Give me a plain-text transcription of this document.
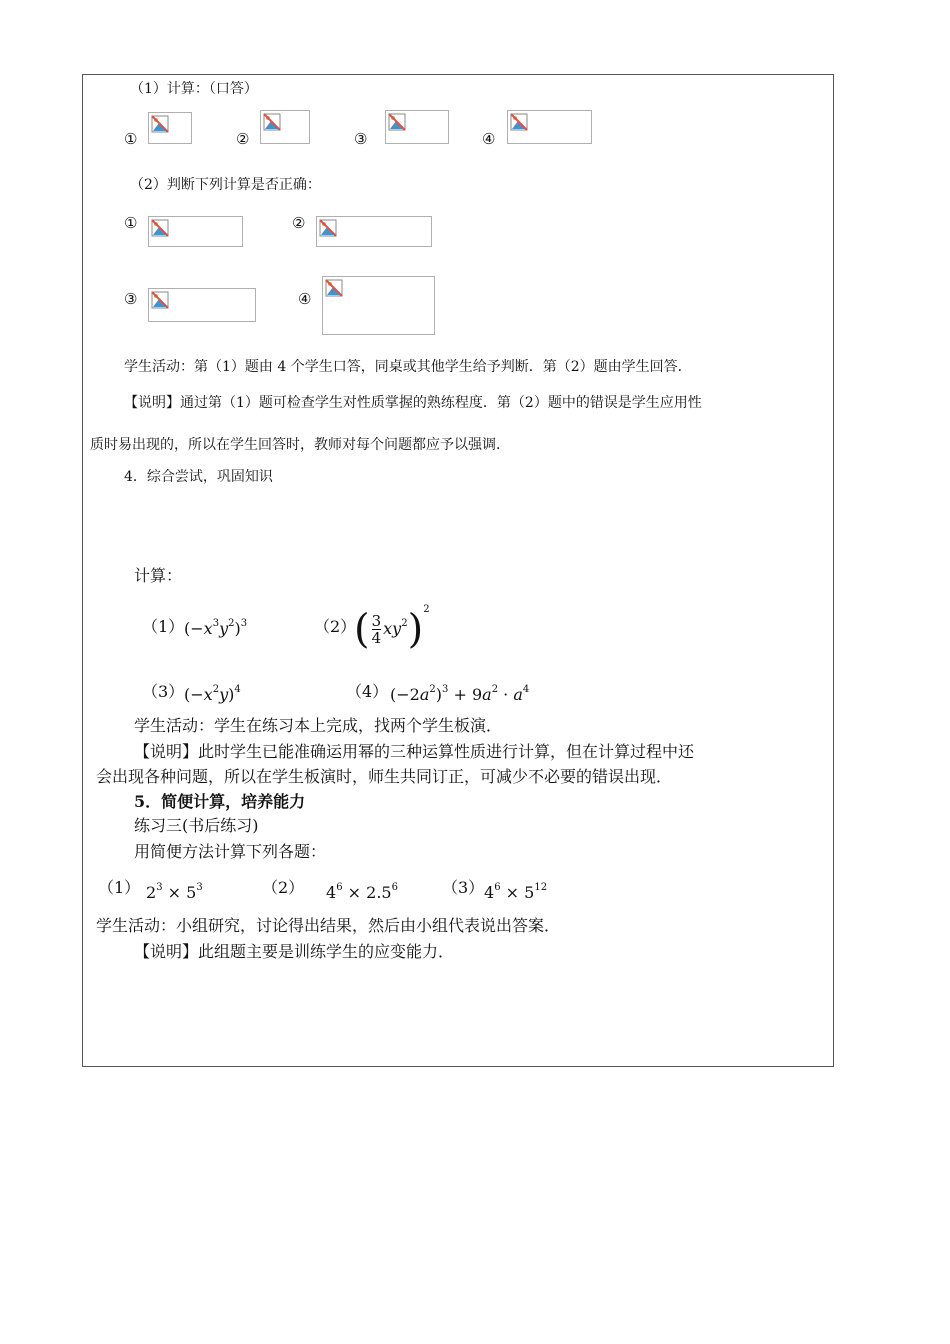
（1）计算：（口答）
①	②	③	④
（2）判断下列计算是否正确：
①	②
③	④
学生活动：第（1）题由 4 个学生口答，同桌或其他学生给予判断．第（2）题由学生回答．
【说明】通过第（1）题可检查学生对性质掌握的熟练程度．第（2）题中的错误是学生应用性
质时易出现的，所以在学生回答时，教师对每个问题都应予以强调．
4．综合尝试，巩固知识
计算：
（1） $(-x^3y^2)^3$	（2）
( $\frac{3}{4} xy^2)^2$
（3） $(-x^2y)^4$	（4） $(-2a^2)^3 + 9a^2 \cdot a^4$
学生活动：学生在练习本上完成，找两个学生板演．
【说明】此时学生已能准确运用幂的三种运算性质进行计算，但在计算过程中还
会出现各种问题，所以在学生板演时，师生共同订正，可减少不必要的错误出现．
5．简便计算，培养能力
练习三(书后练习)
用简便方法计算下列各题：
（1） $2^3 \times 5^3$	（2） $4^6 \times 2.5^6$	（3） $4^6 \times 5^{12}$
学生活动：小组研究，讨论得出结果，然后由小组代表说出答案．
【说明】此组题主要是训练学生的应变能力．
